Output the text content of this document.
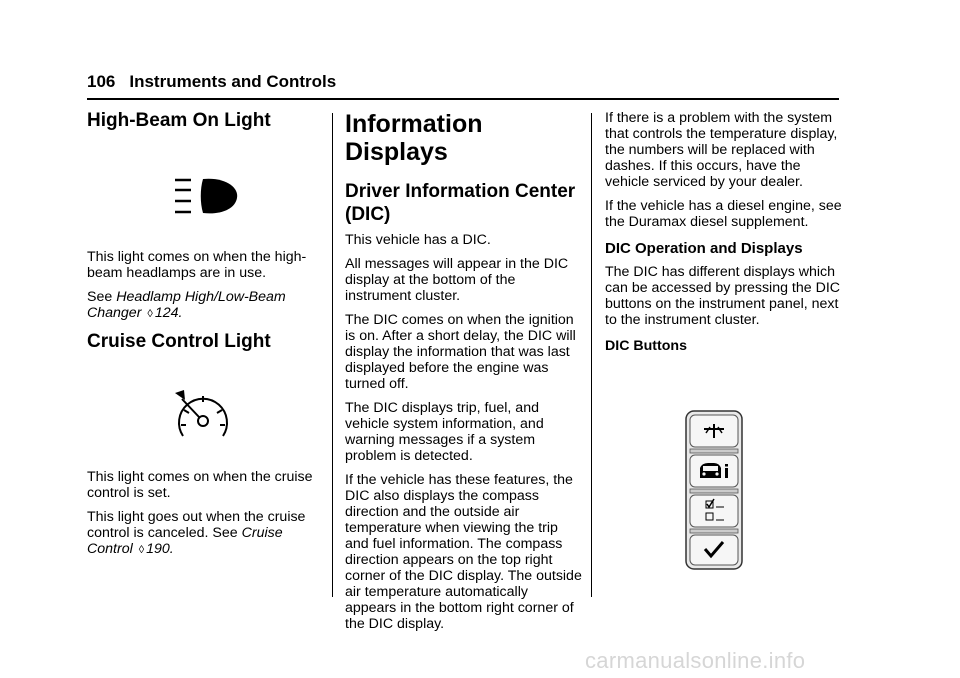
106 Instruments and Controls
High-Beam On Light

This light comes on when the high-beam headlamps are in use.

See Headlamp High/Low-Beam Changer ◊ 124.

Cruise Control Light

This light comes on when the cruise control is set.

This light goes out when the cruise control is canceled. See Cruise Control ◊ 190.

Information Displays
Driver Information Center (DIC)

This vehicle has a DIC.

All messages will appear in the DIC display at the bottom of the instrument cluster.

The DIC comes on when the ignition is on. After a short delay, the DIC will display the information that was last displayed before the engine was turned off.

The DIC displays trip, fuel, and vehicle system information, and warning messages if a system problem is detected.

If the vehicle has these features, the DIC also displays the compass direction and the outside air temperature when viewing the trip and fuel information. The compass direction appears on the top right corner of the DIC display. The outside air temperature automatically appears in the bottom right corner of the DIC display.

If there is a problem with the system that controls the temperature display, the numbers will be replaced with dashes. If this occurs, have the vehicle serviced by your dealer.

If the vehicle has a diesel engine, see the Duramax diesel supplement.

DIC Operation and Displays

The DIC has different displays which can be accessed by pressing the DIC buttons on the instrument panel, next to the instrument cluster.

DIC Buttons

carmanualsonline.info
